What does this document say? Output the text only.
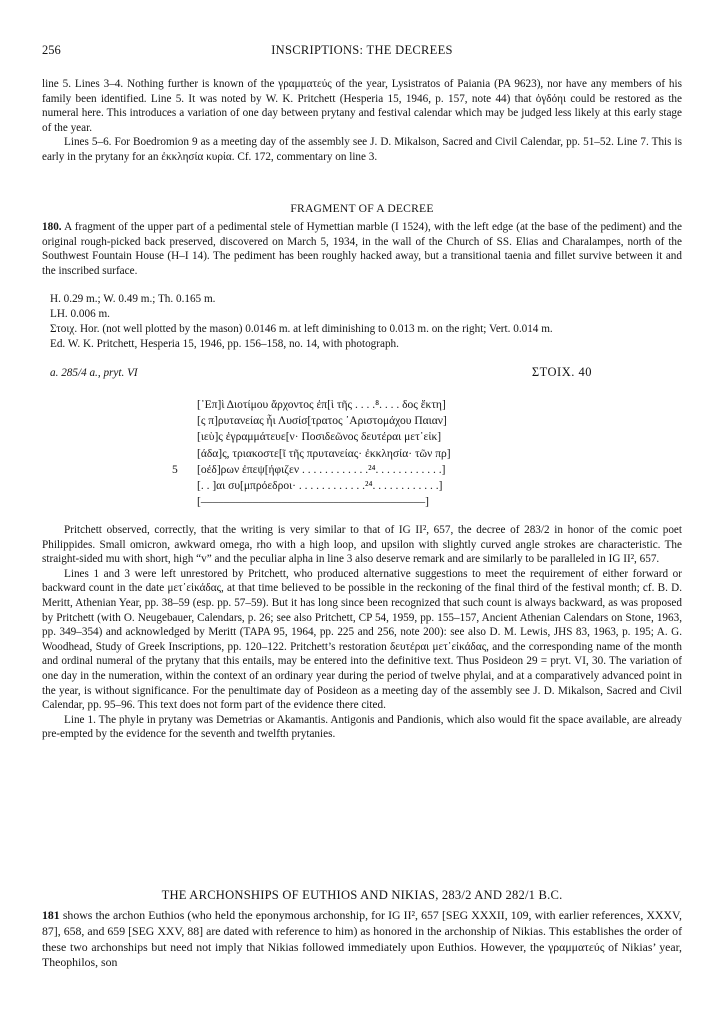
256	INSCRIPTIONS: THE DECREES

line 5. Lines 3–4. Nothing further is known of the γραμματεύς of the year, Lysistratos of Paiania (PA 9623), nor have any members of his family been identified. Line 5. It was noted by W. K. Pritchett (Hesperia 15, 1946, p. 157, note 44) that ὀγδόηι could be restored as the numeral here. This introduces a variation of one day between prytany and festival calendar which may be judged less likely at this early stage of the year.

Lines 5–6. For Boedromion 9 as a meeting day of the assembly see J. D. Mikalson, Sacred and Civil Calendar, pp. 51–52. Line 7. This is early in the prytany for an ἐκκλησία κυρία. Cf. 172, commentary on line 3.

FRAGMENT OF A DECREE

180. A fragment of the upper part of a pedimental stele of Hymettian marble (I 1524), with the left edge (at the base of the pediment) and the original rough-picked back preserved, discovered on March 5, 1934, in the wall of the Church of SS. Elias and Charalampes, north of the Southwest Fountain House (H–I 14). The pediment has been roughly hacked away, but a transitional taenia and fillet survive between it and the inscribed surface.

H. 0.29 m.; W. 0.49 m.; Th. 0.165 m.
LH. 0.006 m.
Στοιχ. Hor. (not well plotted by the mason) 0.0146 m. at left diminishing to 0.013 m. on the right; Vert. 0.014 m.
Ed. W. K. Pritchett, Hesperia 15, 1946, pp. 156–158, no. 14, with photograph.
a. 285/4 a., pryt. VI	ΣΤΟΙΧ. 40
[᾿Επ]ὶ Διοτίμου ἄρχοντος ἐπ[ὶ τῆς . . . .⁸. . . . δος ἕκτη]
[ς π]ρυτανείας ἧι Λυσίσ[τρατος ᾿Αριστομάχου Παιαν]
[ιεὺ]ς ἐγραμμάτευε[ν· Ποσιδεῶνος δευτέραι μετ᾿εἰκ]
[άδα]ς, τριακοστε[ῖ τῆς πρυτανείας· ἐκκλησία· τῶν πρ]
5 [οέδ]ρων ἐπεψ[ήφιζεν . . . . . . . . . . . .²⁴. . . . . . . . . . . .]
[. . ]αι συ[μπρόεδροι· . . . . . . . . . . . .²⁴. . . . . . . . . . . .]
[–––––––––––––––––––––––––––––––––––––––]

Pritchett observed, correctly, that the writing is very similar to that of IG II², 657, the decree of 283/2 in honor of the comic poet Philippides. Small omicron, awkward omega, rho with a high loop, and upsilon with slightly curved angle strokes are characteristic. The straight-sided mu with short, high “v” and the peculiar alpha in line 3 also deserve remark and are similarly to be paralleled in IG II², 657.

Lines 1 and 3 were left unrestored by Pritchett, who produced alternative suggestions to meet the requirement of either forward or backward count in the date μετ᾿εἰκάδας, at that time believed to be possible in the reckoning of the final third of the festival month; cf. B. D. Meritt, Athenian Year, pp. 38–59 (esp. pp. 57–59). But it has long since been recognized that such count is always backward, as was proposed by Pritchett (with O. Neugebauer, Calendars, p. 26; see also Pritchett, CP 54, 1959, pp. 155–157, Ancient Athenian Calendars on Stone, 1963, pp. 349–354) and acknowledged by Meritt (TAPA 95, 1964, pp. 225 and 256, note 200): see also D. M. Lewis, JHS 83, 1963, p. 195; A. G. Woodhead, Study of Greek Inscriptions, pp. 120–122. Pritchett’s restoration δευτέραι μετ᾿εἰκάδας, and the corresponding name of the month and ordinal numeral of the prytany that this entails, may be entered into the definitive text. Thus Posideon 29 = pryt. VI, 30. The variation of one day in the numeration, within the context of an ordinary year during the period of twelve phylai, and at a comparatively advanced point in the year, is without significance. For the penultimate day of Posideon as a meeting day of the assembly see J. D. Mikalson, Sacred and Civil Calendar, pp. 95–96. This text does not form part of the evidence there cited.

Line 1. The phyle in prytany was Demetrias or Akamantis. Antigonis and Pandionis, which also would fit the space available, are already pre-empted by the evidence for the seventh and twelfth prytanies.

THE ARCHONSHIPS OF EUTHIOS AND NIKIAS, 283/2 AND 282/1 B.C.

181 shows the archon Euthios (who held the eponymous archonship, for IG II², 657 [SEG XXXII, 109, with earlier references, XXXV, 87], 658, and 659 [SEG XXV, 88] are dated with reference to him) as honored in the archonship of Nikias. This establishes the order of these two archonships but need not imply that Nikias followed immediately upon Euthios. However, the γραμματεύς of Nikias’ year, Theophilos, son
